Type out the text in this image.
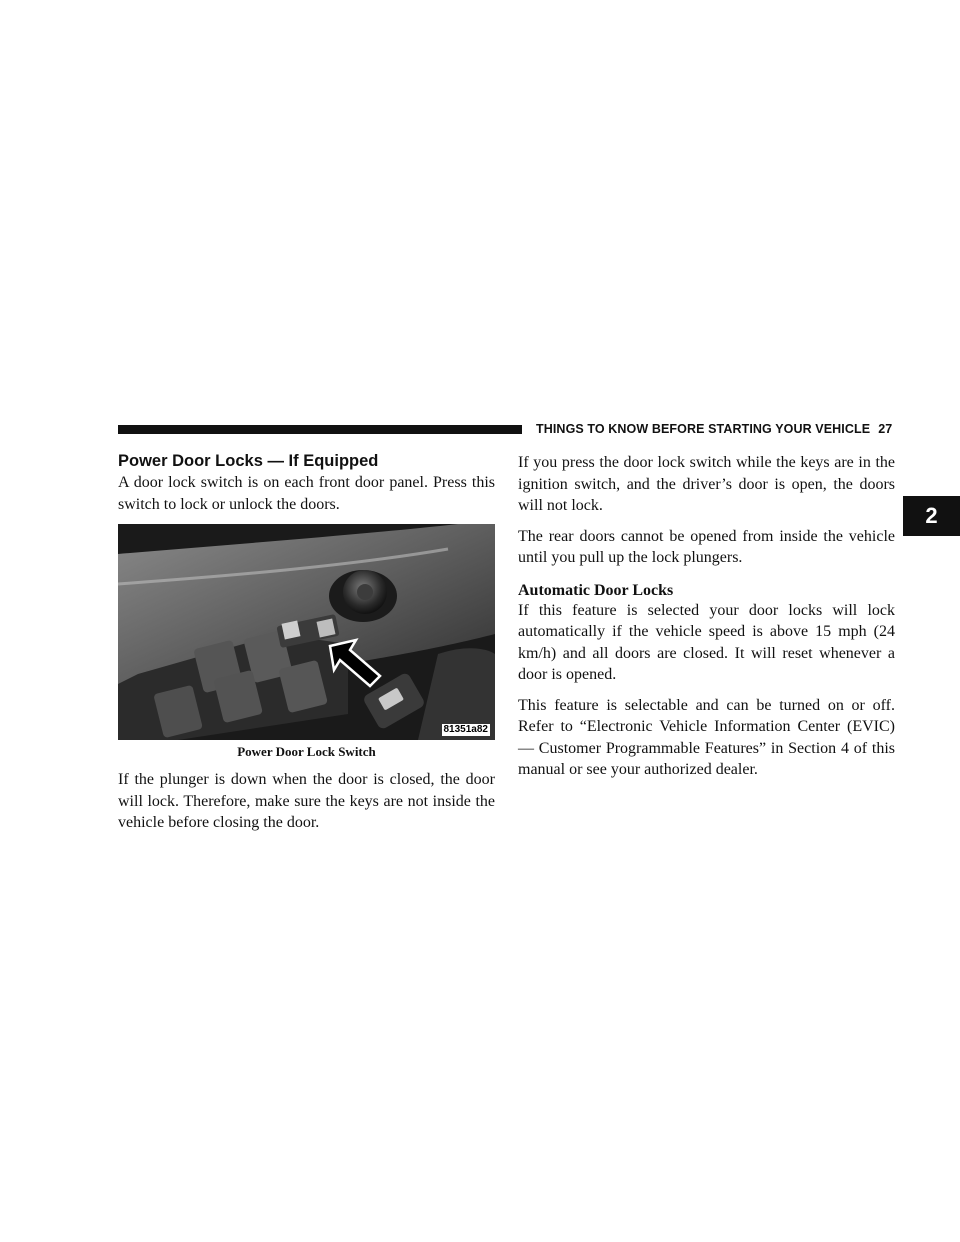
THINGS TO KNOW BEFORE STARTING YOUR VEHICLE 27
2
Power Door Locks — If Equipped

A door lock switch is on each front door panel. Press this switch to lock or unlock the doors.

81351a82
Power Door Lock Switch

If the plunger is down when the door is closed, the door will lock. Therefore, make sure the keys are not inside the vehicle before closing the door.

If you press the door lock switch while the keys are in the ignition switch, and the driver’s door is open, the doors will not lock.

The rear doors cannot be opened from inside the vehicle until you pull up the lock plungers.

Automatic Door Locks

If this feature is selected your door locks will lock automatically if the vehicle speed is above 15 mph (24 km/h) and all doors are closed. It will reset whenever a door is opened.

This feature is selectable and can be turned on or off. Refer to “Electronic Vehicle Information Center (EVIC) — Customer Programmable Features” in Section 4 of this manual or see your authorized dealer.
